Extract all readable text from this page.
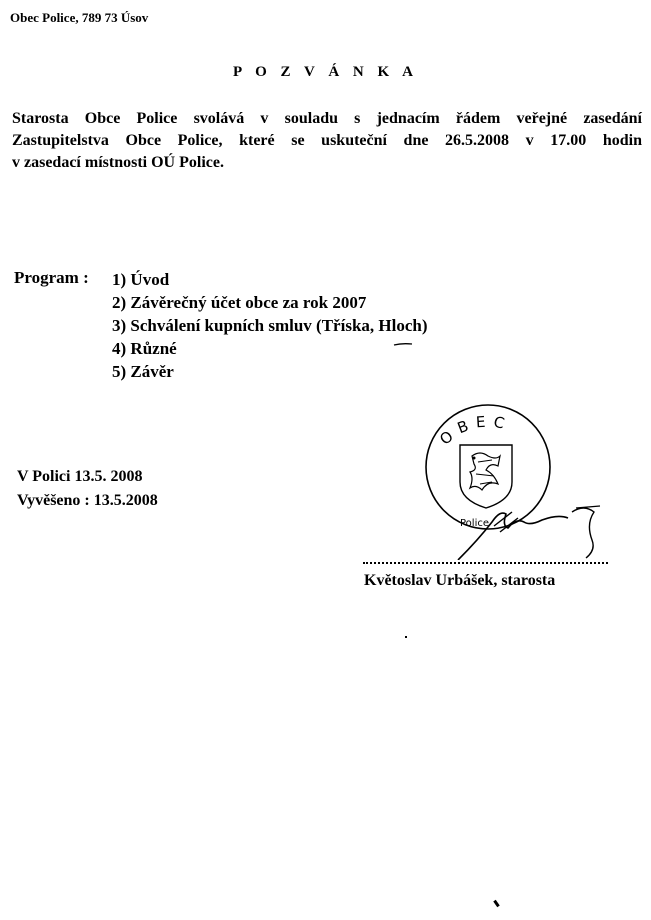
Obec Police, 789 73 Úsov
P O Z V Á N K A
Starosta Obce Police svolává v souladu s jednacím řádem veřejné zasedání
Zastupitelstva Obce Police, které se uskuteční dne 26.5.2008 v 17.00 hodin
v zasedací místnosti OÚ Police.
Program : 1) Úvod
2) Závěrečný účet obce za rok 2007
3) Schválení kupních smluv (Tříska, Hloch)
4) Různé
5) Závěr
V Polici 13.5. 2008
Vyvěšeno : 13.5.2008
OBEC
Police
Květoslav Urbášek, starosta
